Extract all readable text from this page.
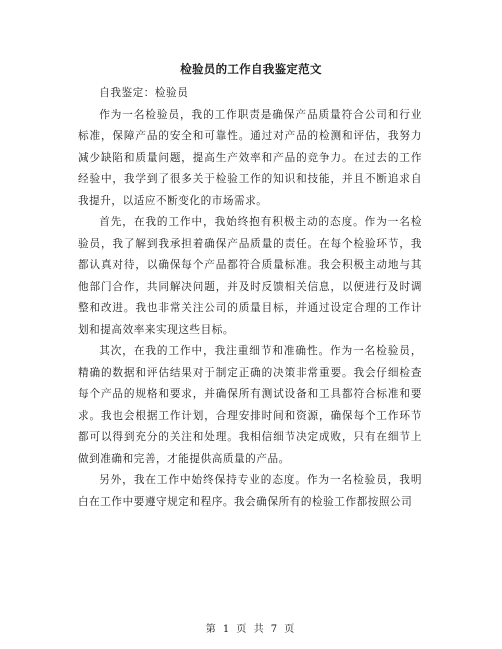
检验员的工作自我鉴定范文

自我鉴定：检验员

作为一名检验员，我的工作职责是确保产品质量符合公司和行业标准，保障产品的安全和可靠性。通过对产品的检测和评估，我努力减少缺陷和质量问题，提高生产效率和产品的竞争力。在过去的工作经验中，我学到了很多关于检验工作的知识和技能，并且不断追求自我提升，以适应不断变化的市场需求。

首先，在我的工作中，我始终抱有积极主动的态度。作为一名检验员，我了解到我承担着确保产品质量的责任。在每个检验环节，我都认真对待，以确保每个产品都符合质量标准。我会积极主动地与其他部门合作，共同解决问题，并及时反馈相关信息，以便进行及时调整和改进。我也非常关注公司的质量目标，并通过设定合理的工作计划和提高效率来实现这些目标。

其次，在我的工作中，我注重细节和准确性。作为一名检验员，精确的数据和评估结果对于制定正确的决策非常重要。我会仔细检查每个产品的规格和要求，并确保所有测试设备和工具都符合标准和要求。我也会根据工作计划，合理安排时间和资源，确保每个工作环节都可以得到充分的关注和处理。我相信细节决定成败，只有在细节上做到准确和完善，才能提供高质量的产品。

另外，我在工作中始终保持专业的态度。作为一名检验员，我明白在工作中要遵守规定和程序。我会确保所有的检验工作都按照公司

第 1 页 共 7 页
